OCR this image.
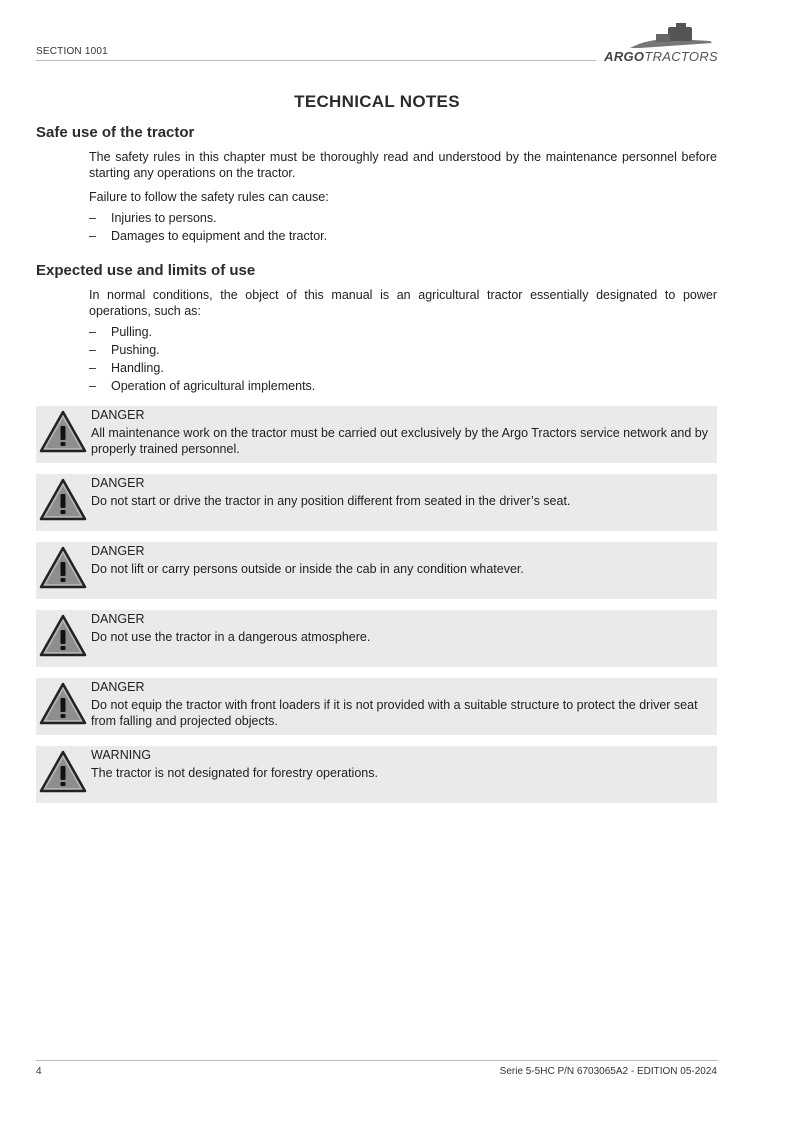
SECTION 1001	ARGOTRACTORS
TECHNICAL NOTES
Safe use of the tractor

The safety rules in this chapter must be thoroughly read and understood by the maintenance personnel before starting any operations on the tractor.

Failure to follow the safety rules can cause:

– Injuries to persons.
– Damages to equipment and the tractor.
Expected use and limits of use

In normal conditions, the object of this manual is an agricultural tractor essentially designated to power operations, such as:

– Pulling.
– Pushing.
– Handling.
– Operation of agricultural implements.
DANGER
All maintenance work on the tractor must be carried out exclusively by the Argo Tractors service network and by properly trained personnel.
DANGER
Do not start or drive the tractor in any position different from seated in the driver’s seat.
DANGER
Do not lift or carry persons outside or inside the cab in any condition whatever.
DANGER
Do not use the tractor in a dangerous atmosphere.
DANGER
Do not equip the tractor with front loaders if it is not provided with a suitable structure to protect the driver seat from falling and projected objects.
WARNING
The tractor is not designated for forestry operations.
4	Serie 5-5HC P/N 6703065A2 - EDITION 05-2024
